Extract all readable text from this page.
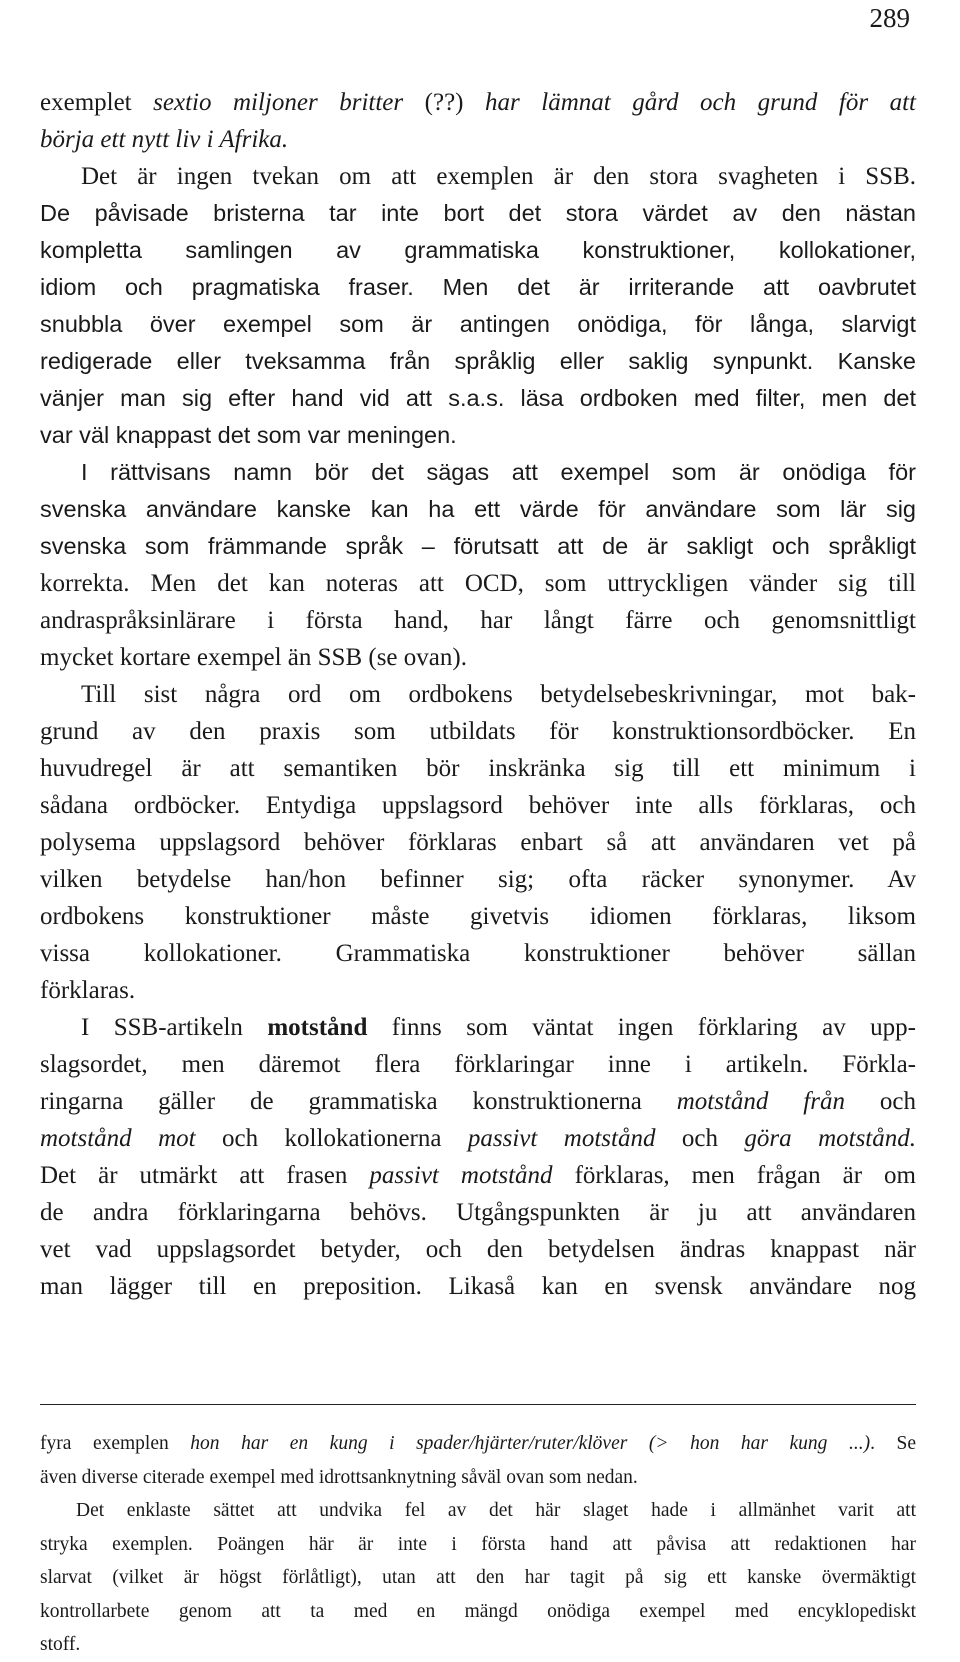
289
exemplet sextio miljoner britter (??) har lämnat gård och grund för att
börja ett nytt liv i Afrika.
Det är ingen tvekan om att exemplen är den stora svagheten i SSB.
De påvisade bristerna tar inte bort det stora värdet av den nästan
kompletta samlingen av grammatiska konstruktioner, kollokationer,
idiom och pragmatiska fraser. Men det är irriterande att oavbrutet
snubbla över exempel som är antingen onödiga, för långa, slarvigt
redigerade eller tveksamma från språklig eller saklig synpunkt. Kanske
vänjer man sig efter hand vid att s.a.s. läsa ordboken med filter, men det
var väl knappast det som var meningen.
I rättvisans namn bör det sägas att exempel som är onödiga för
svenska användare kanske kan ha ett värde för användare som lär sig
svenska som främmande språk – förutsatt att de är sakligt och språkligt
korrekta. Men det kan noteras att OCD, som uttryckligen vänder sig till
andraspråksinlärare i första hand, har långt färre och genomsnittligt
mycket kortare exempel än SSB (se ovan).
Till sist några ord om ordbokens betydelsebeskrivningar, mot bak-
grund av den praxis som utbildats för konstruktionsordböcker. En
huvudregel är att semantiken bör inskränka sig till ett minimum i
sådana ordböcker. Entydiga uppslagsord behöver inte alls förklaras, och
polysema uppslagsord behöver förklaras enbart så att användaren vet på
vilken betydelse han/hon befinner sig; ofta räcker synonymer. Av
ordbokens konstruktioner måste givetvis idiomen förklaras, liksom
vissa kollokationer. Grammatiska konstruktioner behöver sällan
förklaras.
I SSB-artikeln motstånd finns som väntat ingen förklaring av upp-
slagsordet, men däremot flera förklaringar inne i artikeln. Förkla-
ringarna gäller de grammatiska konstruktionerna motstånd från och
motstånd mot och kollokationerna passivt motstånd och göra motstånd.
Det är utmärkt att frasen passivt motstånd förklaras, men frågan är om
de andra förklaringarna behövs. Utgångspunkten är ju att användaren
vet vad uppslagsordet betyder, och den betydelsen ändras knappast när
man lägger till en preposition. Likaså kan en svensk användare nog
fyra exemplen hon har en kung i spader/hjärter/ruter/klöver (> hon har kung ...). Se
även diverse citerade exempel med idrottsanknytning såväl ovan som nedan.
Det enklaste sättet att undvika fel av det här slaget hade i allmänhet varit att
stryka exemplen. Poängen här är inte i första hand att påvisa att redaktionen har
slarvat (vilket är högst förlåtligt), utan att den har tagit på sig ett kanske övermäktigt
kontrollarbete genom att ta med en mängd onödiga exempel med encyklopediskt
stoff.
